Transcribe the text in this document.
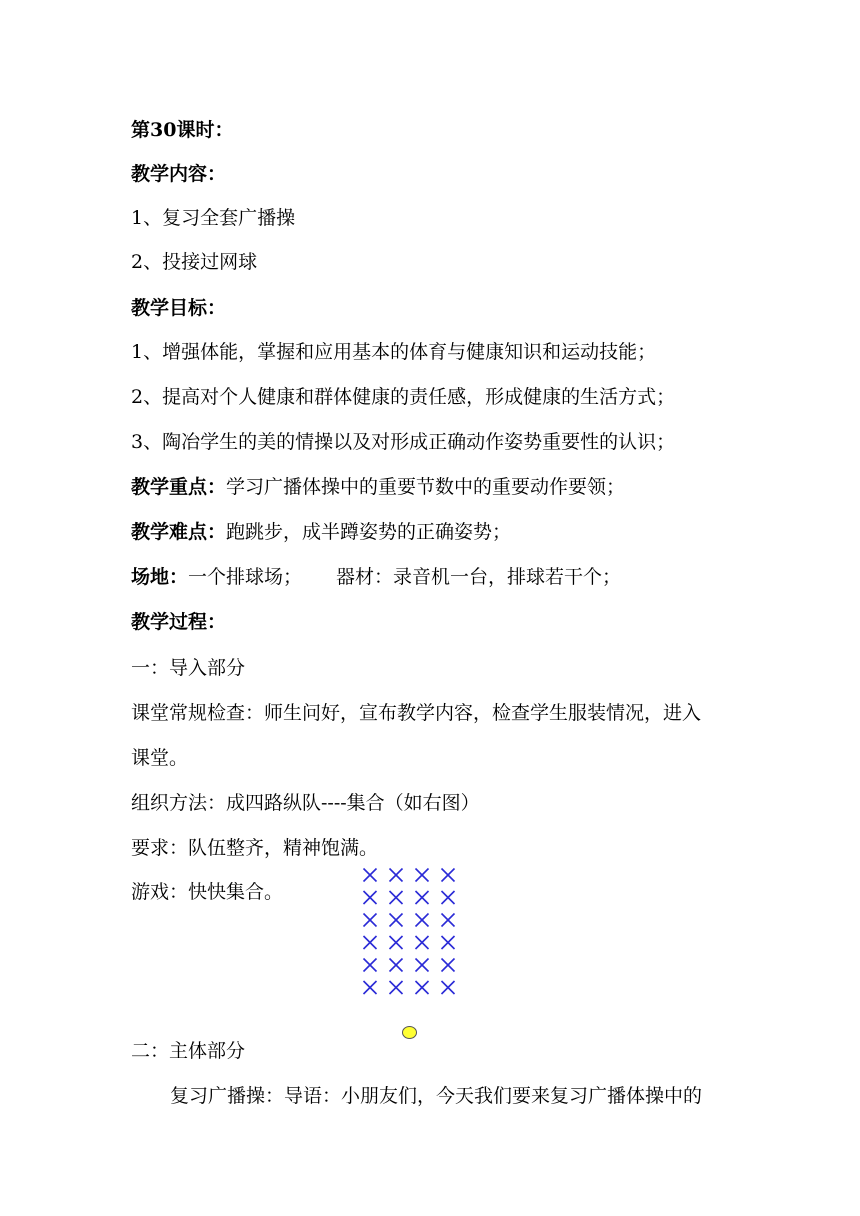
第30课时：
教学内容：
1、复习全套广播操
2、投接过网球
教学目标：
1、增强体能，掌握和应用基本的体育与健康知识和运动技能；
2、提高对个人健康和群体健康的责任感，形成健康的生活方式；
3、陶冶学生的美的情操以及对形成正确动作姿势重要性的认识；
教学重点：学习广播体操中的重要节数中的重要动作要领；
教学难点：跑跳步，成半蹲姿势的正确姿势；
场地：一个排球场； 器材：录音机一台，排球若干个；
教学过程：
一：导入部分
课堂常规检查：师生问好，宣布教学内容，检查学生服装情况，进入
课堂。
组织方法：成四路纵队----集合（如右图）
要求：队伍整齐，精神饱满。
游戏：快快集合。
二：主体部分
复习广播操：导语：小朋友们，今天我们要来复习广播体操中的
